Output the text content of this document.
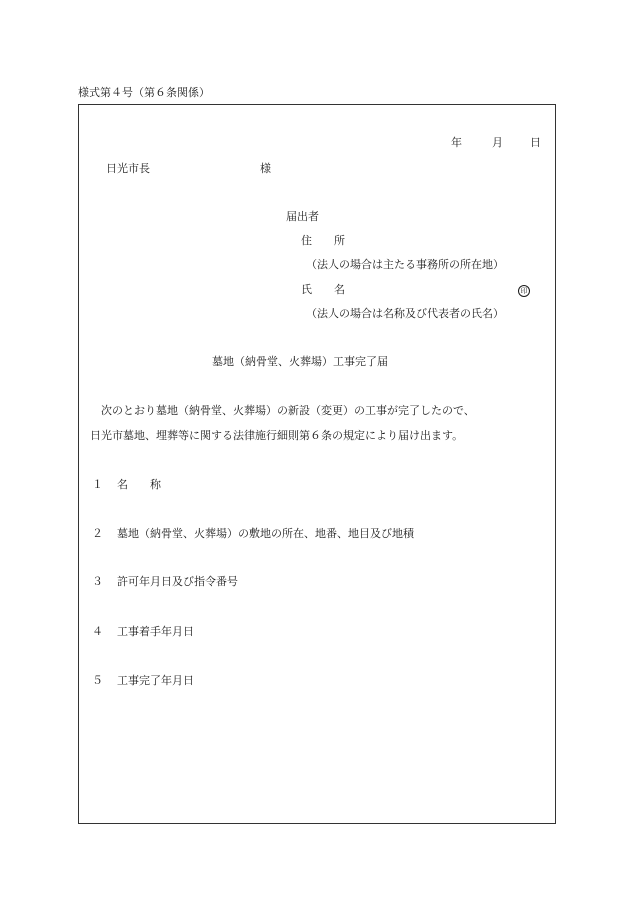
様式第４号（第６条関係）
年	月 日
日光市長	様
届出者
住　　所
（法人の場合は主たる事務所の所在地）
氏　　名	印
（法人の場合は名称及び代表者の氏名）
墓地（納骨堂、火葬場）工事完了届
　次のとおり墓地（納骨堂、火葬場）の新設（変更）の工事が完了したので、
日光市墓地、埋葬等に関する法律施行細則第６条の規定により届け出ます。
１ 名　　称
２ 墓地（納骨堂、火葬場）の敷地の所在、地番、地目及び地積
３ 許可年月日及び指令番号
４ 工事着手年月日
５ 工事完了年月日
